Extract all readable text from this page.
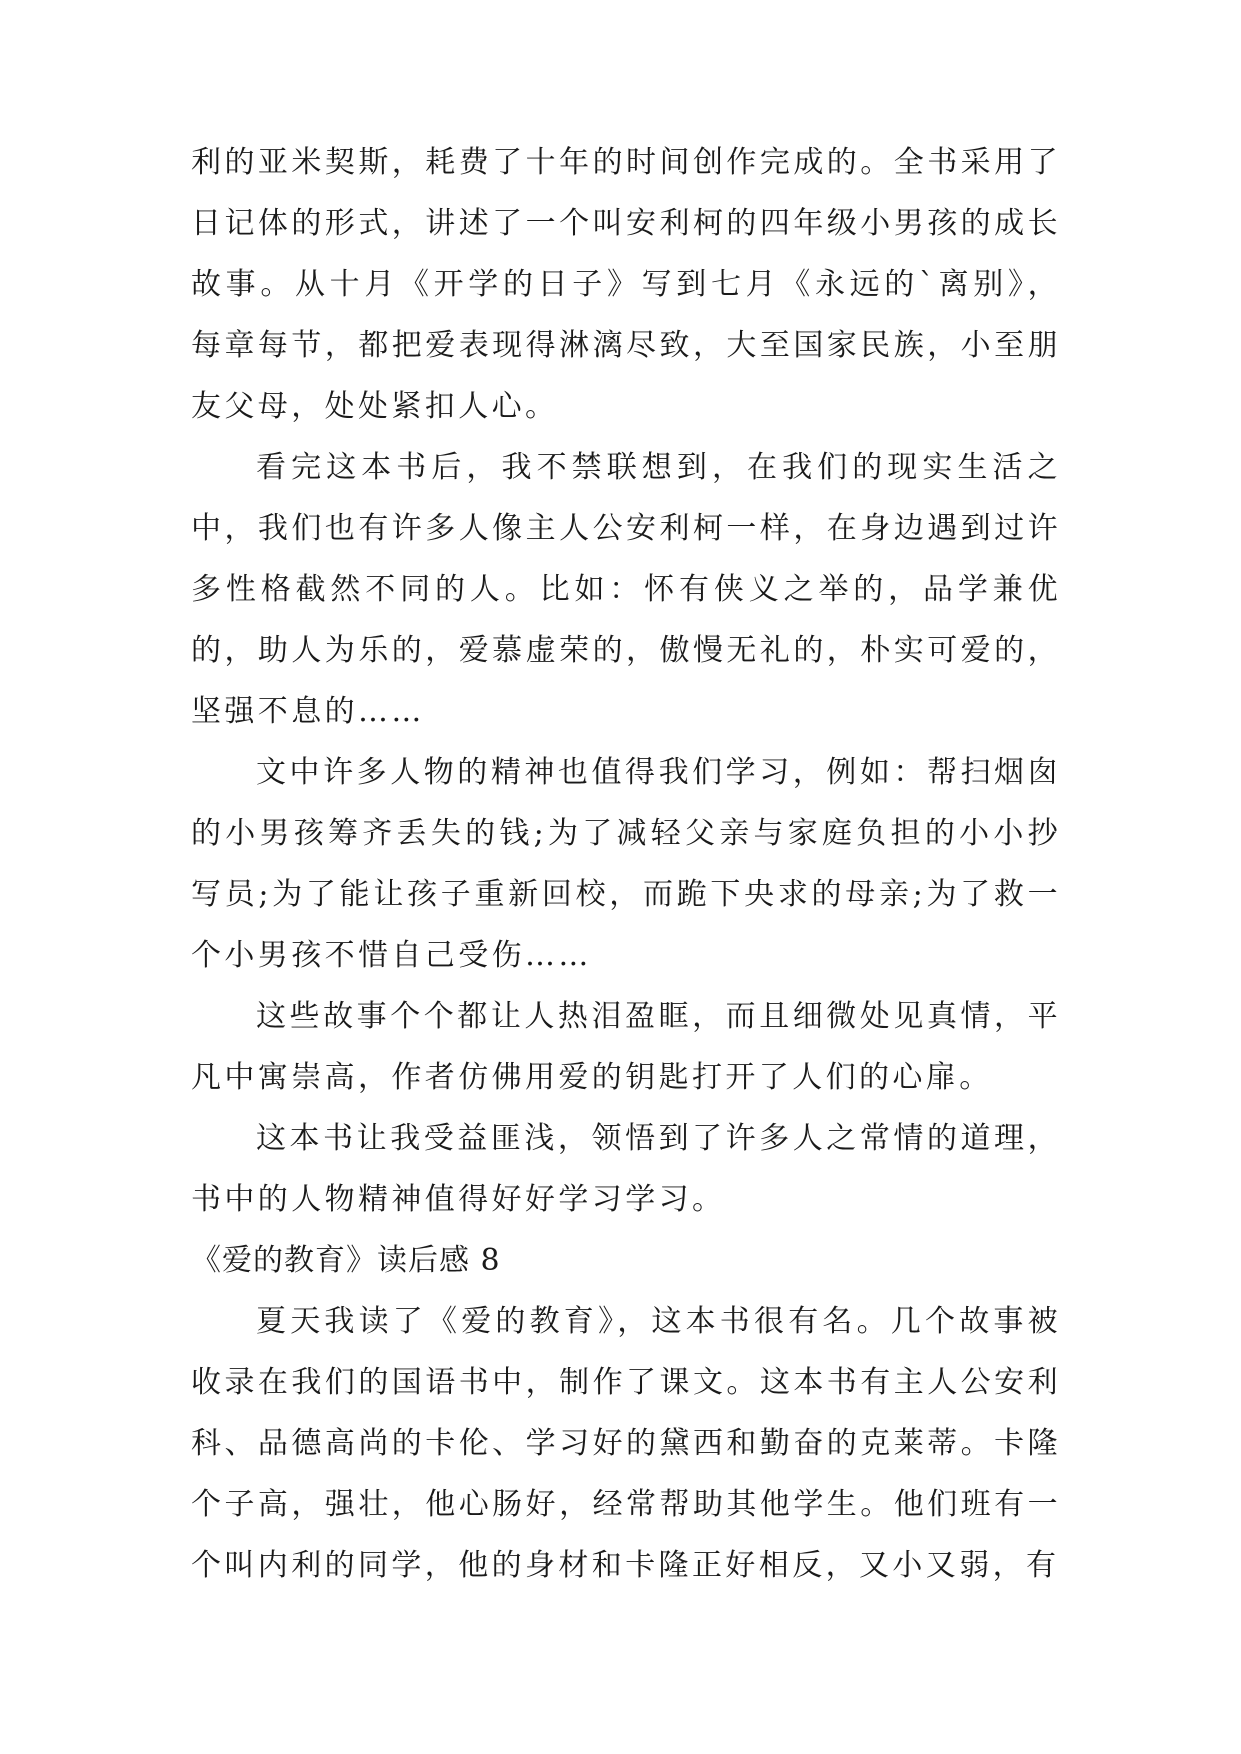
利的亚米契斯，耗费了十年的时间创作完成的。全书采用了日记体的形式，讲述了一个叫安利柯的四年级小男孩的成长故事。从十月《开学的日子》写到七月《永远的`离别》，每章每节，都把爱表现得淋漓尽致，大至国家民族，小至朋友父母，处处紧扣人心。

看完这本书后，我不禁联想到，在我们的现实生活之中，我们也有许多人像主人公安利柯一样，在身边遇到过许多性格截然不同的人。比如：怀有侠义之举的，品学兼优的，助人为乐的，爱慕虚荣的，傲慢无礼的，朴实可爱的，坚强不息的……

文中许多人物的精神也值得我们学习，例如：帮扫烟囱的小男孩筹齐丢失的钱;为了减轻父亲与家庭负担的小小抄写员;为了能让孩子重新回校，而跪下央求的母亲;为了救一个小男孩不惜自己受伤……

这些故事个个都让人热泪盈眶，而且细微处见真情，平凡中寓崇高，作者仿佛用爱的钥匙打开了人们的心扉。

这本书让我受益匪浅，领悟到了许多人之常情的道理，书中的人物精神值得好好学习学习。

《爱的教育》读后感 8

夏天我读了《爱的教育》，这本书很有名。几个故事被收录在我们的国语书中，制作了课文。这本书有主人公安利科、品德高尚的卡伦、学习好的黛西和勤奋的克莱蒂。卡隆个子高，强壮，他心肠好，经常帮助其他学生。他们班有一个叫内利的同学，他的身材和卡隆正好相反，又小又弱，有
